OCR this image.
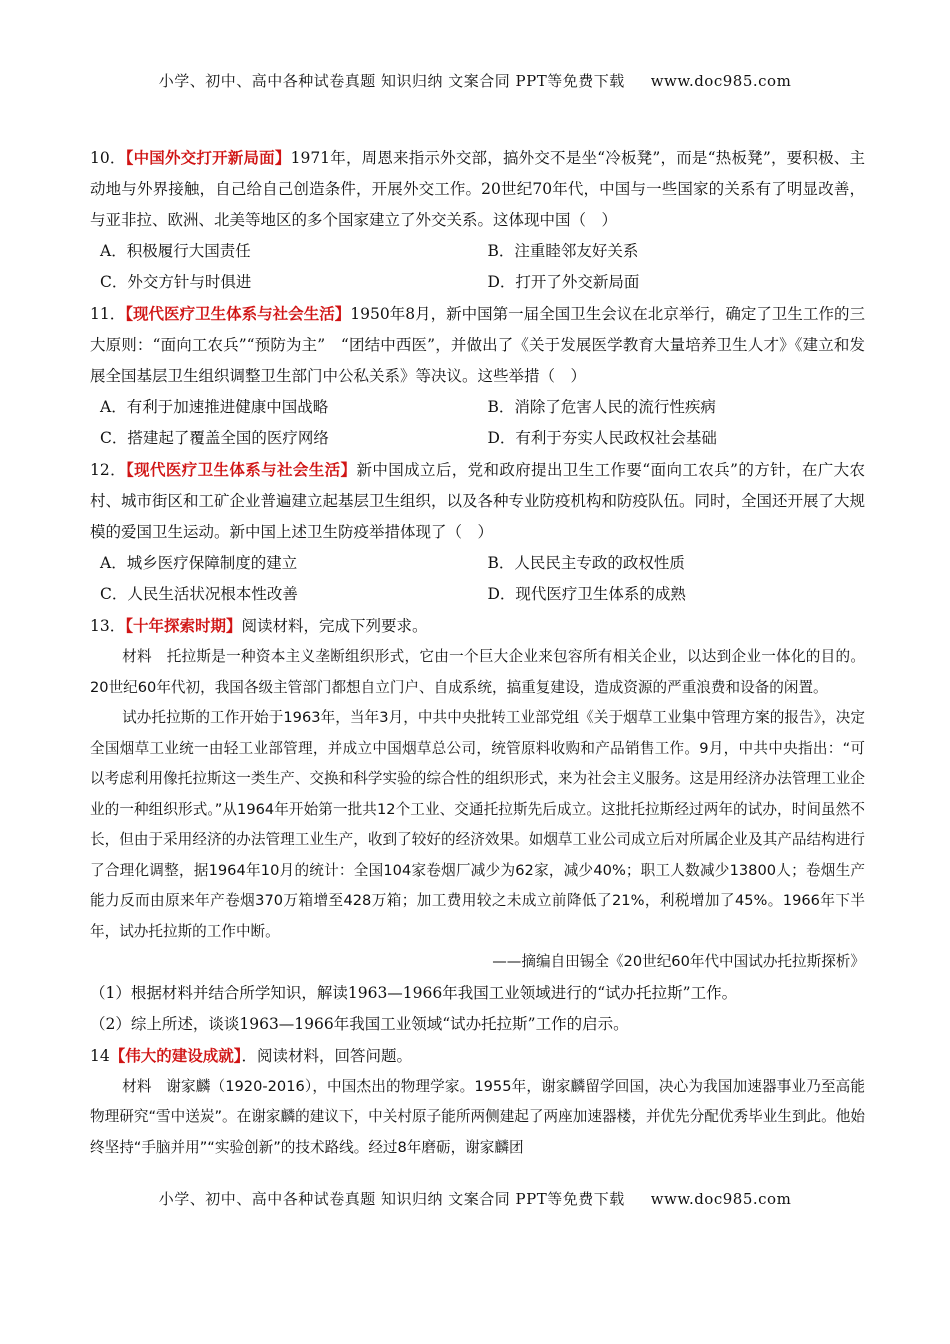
小学、初中、高中各种试卷真题 知识归纳 文案合同 PPT等免费下载 www.doc985.com

10．【中国外交打开新局面】1971年，周恩来指示外交部，搞外交不是坐“冷板凳”，而是“热板凳”，要积极、主动地与外界接触，自己给自己创造条件，开展外交工作。20世纪70年代，中国与一些国家的关系有了明显改善，与亚非拉、欧洲、北美等地区的多个国家建立了外交关系。这体现中国（　）

A．积极履行大国责任	B．注重睦邻友好关系
C．外交方针与时俱进	D．打开了外交新局面

11．【现代医疗卫生体系与社会生活】1950年8月，新中国第一届全国卫生会议在北京举行，确定了卫生工作的三大原则：“面向工农兵”“预防为主”　“团结中西医”，并做出了《关于发展医学教育大量培养卫生人才》《建立和发展全国基层卫生组织调整卫生部门中公私关系》等决议。这些举措（　）

A．有利于加速推进健康中国战略	B．消除了危害人民的流行性疾病
C．搭建起了覆盖全国的医疗网络	D．有利于夯实人民政权社会基础

12．【现代医疗卫生体系与社会生活】新中国成立后，党和政府提出卫生工作要“面向工农兵”的方针，在广大农村、城市街区和工矿企业普遍建立起基层卫生组织，以及各种专业防疫机构和防疫队伍。同时，全国还开展了大规模的爱国卫生运动。新中国上述卫生防疫举措体现了（　）

A．城乡医疗保障制度的建立	B．人民民主专政的政权性质
C．人民生活状况根本性改善	D．现代医疗卫生体系的成熟

13．【十年探索时期】阅读材料，完成下列要求。

材料　托拉斯是一种资本主义垄断组织形式，它由一个巨大企业来包容所有相关企业，以达到企业一体化的目的。20世纪60年代初，我国各级主管部门都想自立门户、自成系统，搞重复建设，造成资源的严重浪费和设备的闲置。

试办托拉斯的工作开始于1963年，当年3月，中共中央批转工业部党组《关于烟草工业集中管理方案的报告》，决定全国烟草工业统一由轻工业部管理，并成立中国烟草总公司，统管原料收购和产品销售工作。9月，中共中央指出：“可以考虑利用像托拉斯这一类生产、交换和科学实验的综合性的组织形式，来为社会主义服务。这是用经济办法管理工业企业的一种组织形式。”从1964年开始第一批共12个工业、交通托拉斯先后成立。这批托拉斯经过两年的试办，时间虽然不长，但由于采用经济的办法管理工业生产，收到了较好的经济效果。如烟草工业公司成立后对所属企业及其产品结构进行了合理化调整，据1964年10月的统计：全国104家卷烟厂减少为62家，减少40%；职工人数减少13800人；卷烟生产能力反而由原来年产卷烟370万箱增至428万箱；加工费用较之未成立前降低了21%，利税增加了45%。1966年下半年，试办托拉斯的工作中断。

——摘编自田锡全《20世纪60年代中国试办托拉斯探析》

（1）根据材料并结合所学知识，解读1963—1966年我国工业领域进行的“试办托拉斯”工作。

（2）综上所述，谈谈1963—1966年我国工业领域“试办托拉斯”工作的启示。

14【伟大的建设成就】．阅读材料，回答问题。

材料　谢家麟（1920-2016），中国杰出的物理学家。1955年，谢家麟留学回国，决心为我国加速器事业乃至高能物理研究“雪中送炭”。在谢家麟的建议下，中关村原子能所两侧建起了两座加速器楼，并优先分配优秀毕业生到此。他始终坚持“手脑并用”“实验创新”的技术路线。经过8年磨砺，谢家麟团

小学、初中、高中各种试卷真题 知识归纳 文案合同 PPT等免费下载 www.doc985.com
